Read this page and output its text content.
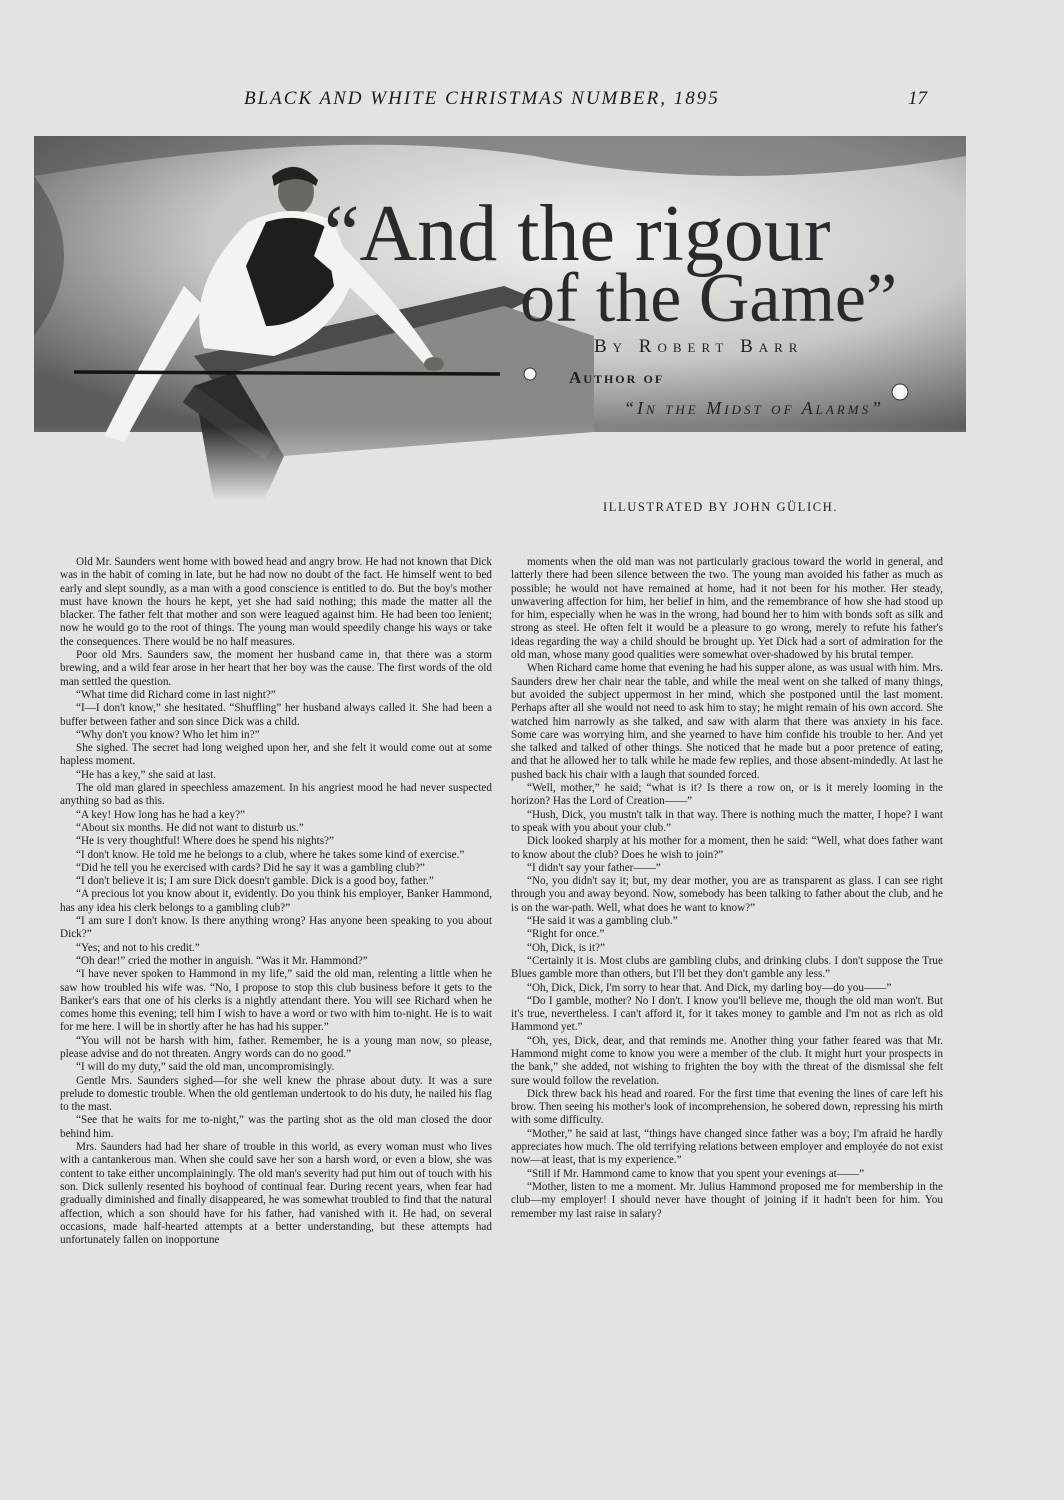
BLACK AND WHITE CHRISTMAS NUMBER, 1895	17
“And the rigour
of the Game”
By Robert Barr
Author of
“In the Midst of Alarms”
ILLUSTRATED BY JOHN GÜLICH.

Old Mr. Saunders went home with bowed head and angry brow. He had not known that Dick was in the habit of coming in late, but he had now no doubt of the fact. He himself went to bed early and slept soundly, as a man with a good conscience is entitled to do. But the boy's mother must have known the hours he kept, yet she had said nothing; this made the matter all the blacker. The father felt that mother and son were leagued against him. He had been too lenient; now he would go to the root of things. The young man would speedily change his ways or take the consequences. There would be no half measures.

Poor old Mrs. Saunders saw, the moment her husband came in, that there was a storm brewing, and a wild fear arose in her heart that her boy was the cause. The first words of the old man settled the question.

“What time did Richard come in last night?”

“I—I don't know,” she hesitated. “Shuffling” her husband always called it. She had been a buffer between father and son since Dick was a child.

“Why don't you know? Who let him in?”

She sighed. The secret had long weighed upon her, and she felt it would come out at some hapless moment.

“He has a key,” she said at last.

The old man glared in speechless amazement. In his angriest mood he had never suspected anything so bad as this.

“A key! How long has he had a key?”

“About six months. He did not want to disturb us.”

“He is very thoughtful! Where does he spend his nights?”

“I don't know. He told me he belongs to a club, where he takes some kind of exercise.”

“Did he tell you he exercised with cards? Did he say it was a gambling club?”

“I don't believe it is; I am sure Dick doesn't gamble. Dick is a good boy, father.”

“A precious lot you know about it, evidently. Do you think his employer, Banker Hammond, has any idea his clerk belongs to a gambling club?”

“I am sure I don't know. Is there anything wrong? Has anyone been speaking to you about Dick?”

“Yes; and not to his credit.”

“Oh dear!” cried the mother in anguish. “Was it Mr. Hammond?”

“I have never spoken to Hammond in my life,” said the old man, relenting a little when he saw how troubled his wife was. “No, I propose to stop this club business before it gets to the Banker's ears that one of his clerks is a nightly attendant there. You will see Richard when he comes home this evening; tell him I wish to have a word or two with him to-night. He is to wait for me here. I will be in shortly after he has had his supper.”

“You will not be harsh with him, father. Remember, he is a young man now, so please, please advise and do not threaten. Angry words can do no good.”

“I will do my duty,” said the old man, uncompromisingly.

Gentle Mrs. Saunders sighed—for she well knew the phrase about duty. It was a sure prelude to domestic trouble. When the old gentleman undertook to do his duty, he nailed his flag to the mast.

“See that he waits for me to-night,” was the parting shot as the old man closed the door behind him.

Mrs. Saunders had had her share of trouble in this world, as every woman must who lives with a cantankerous man. When she could save her son a harsh word, or even a blow, she was content to take either uncomplainingly. The old man's severity had put him out of touch with his son. Dick sullenly resented his boyhood of continual fear. During recent years, when fear had gradually diminished and finally disappeared, he was somewhat troubled to find that the natural affection, which a son should have for his father, had vanished with it. He had, on several occasions, made half-hearted attempts at a better understanding, but these attempts had unfortunately fallen on inopportune

moments when the old man was not particularly gracious toward the world in general, and latterly there had been silence between the two. The young man avoided his father as much as possible; he would not have remained at home, had it not been for his mother. Her steady, unwavering affection for him, her belief in him, and the remembrance of how she had stood up for him, especially when he was in the wrong, had bound her to him with bonds soft as silk and strong as steel. He often felt it would be a pleasure to go wrong, merely to refute his father's ideas regarding the way a child should be brought up. Yet Dick had a sort of admiration for the old man, whose many good qualities were somewhat over-shadowed by his brutal temper.

When Richard came home that evening he had his supper alone, as was usual with him. Mrs. Saunders drew her chair near the table, and while the meal went on she talked of many things, but avoided the subject uppermost in her mind, which she postponed until the last moment. Perhaps after all she would not need to ask him to stay; he might remain of his own accord. She watched him narrowly as she talked, and saw with alarm that there was anxiety in his face. Some care was worrying him, and she yearned to have him confide his trouble to her. And yet she talked and talked of other things. She noticed that he made but a poor pretence of eating, and that he allowed her to talk while he made few replies, and those absent-mindedly. At last he pushed back his chair with a laugh that sounded forced.

“Well, mother,” he said; “what is it? Is there a row on, or is it merely looming in the horizon? Has the Lord of Creation——”

“Hush, Dick, you mustn't talk in that way. There is nothing much the matter, I hope? I want to speak with you about your club.”

Dick looked sharply at his mother for a moment, then he said: “Well, what does father want to know about the club? Does he wish to join?”

“I didn't say your father——”

“No, you didn't say it; but, my dear mother, you are as transparent as glass. I can see right through you and away beyond. Now, somebody has been talking to father about the club, and he is on the war-path. Well, what does he want to know?”

“He said it was a gambling club.”

“Right for once.”

“Oh, Dick, is it?”

“Certainly it is. Most clubs are gambling clubs, and drinking clubs. I don't suppose the True Blues gamble more than others, but I'll bet they don't gamble any less.”

“Oh, Dick, Dick, I'm sorry to hear that. And Dick, my darling boy—do you——”

“Do I gamble, mother? No I don't. I know you'll believe me, though the old man won't. But it's true, nevertheless. I can't afford it, for it takes money to gamble and I'm not as rich as old Hammond yet.”

“Oh, yes, Dick, dear, and that reminds me. Another thing your father feared was that Mr. Hammond might come to know you were a member of the club. It might hurt your prospects in the bank,” she added, not wishing to frighten the boy with the threat of the dismissal she felt sure would follow the revelation.

Dick threw back his head and roared. For the first time that evening the lines of care left his brow. Then seeing his mother's look of incomprehension, he sobered down, repressing his mirth with some difficulty.

“Mother,” he said at last, “things have changed since father was a boy; I'm afraid he hardly appreciates how much. The old terrifying relations between employer and employée do not exist now—at least, that is my experience.”

“Still if Mr. Hammond came to know that you spent your evenings at——”

“Mother, listen to me a moment. Mr. Julius Hammond proposed me for membership in the club—my employer! I should never have thought of joining if it hadn't been for him. You remember my last raise in salary?
